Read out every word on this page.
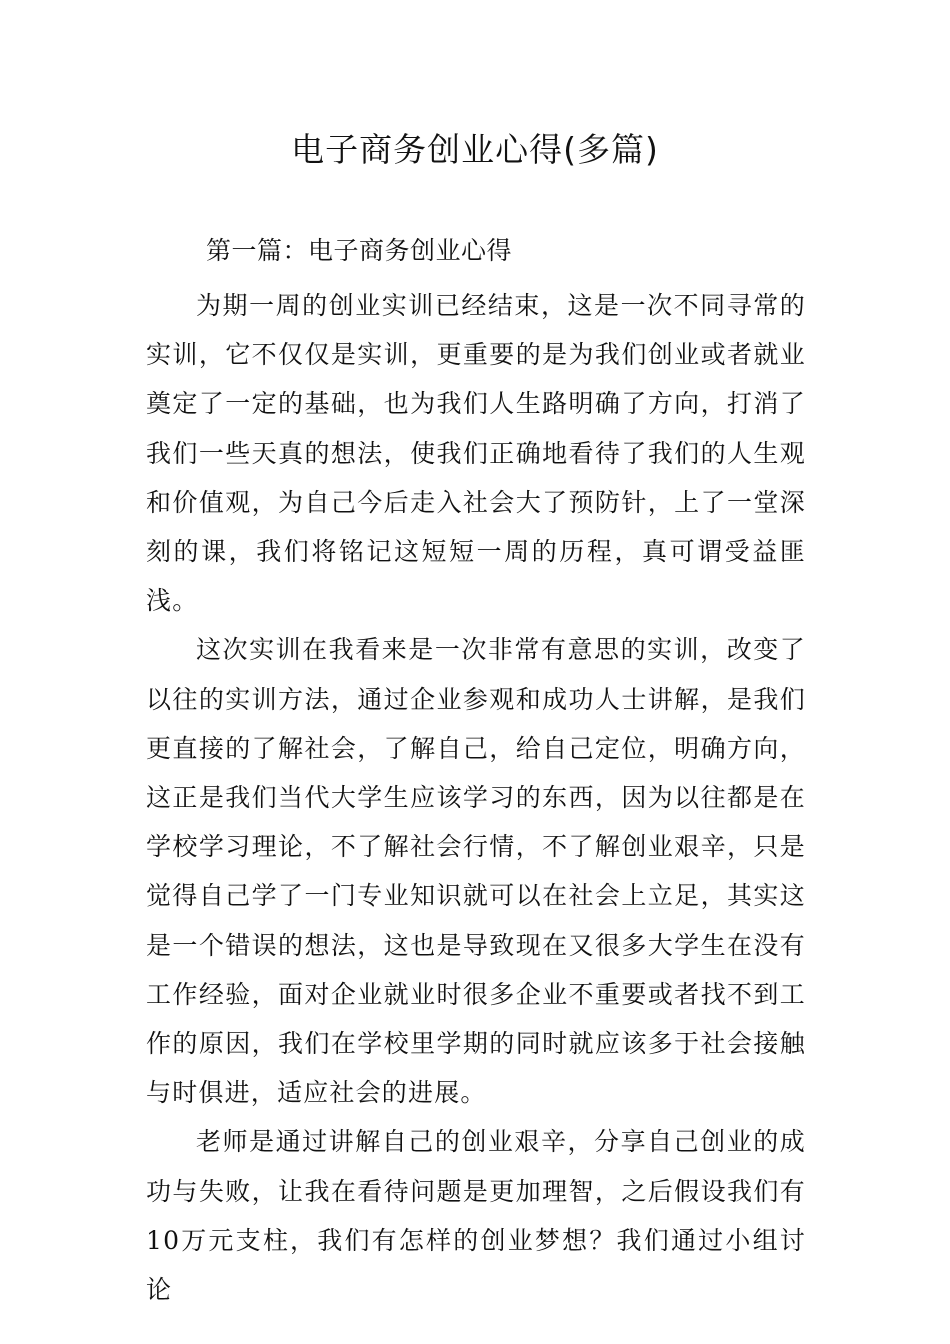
电子商务创业心得(多篇)
第一篇：电子商务创业心得

为期一周的创业实训已经结束，这是一次不同寻常的实训，它不仅仅是实训，更重要的是为我们创业或者就业奠定了一定的基础，也为我们人生路明确了方向，打消了我们一些天真的想法，使我们正确地看待了我们的人生观和价值观，为自己今后走入社会大了预防针，上了一堂深刻的课，我们将铭记这短短一周的历程，真可谓受益匪浅。

这次实训在我看来是一次非常有意思的实训，改变了以往的实训方法，通过企业参观和成功人士讲解，是我们更直接的了解社会，了解自己，给自己定位，明确方向，这正是我们当代大学生应该学习的东西，因为以往都是在学校学习理论，不了解社会行情，不了解创业艰辛，只是觉得自己学了一门专业知识就可以在社会上立足，其实这是一个错误的想法，这也是导致现在又很多大学生在没有工作经验，面对企业就业时很多企业不重要或者找不到工作的原因，我们在学校里学期的同时就应该多于社会接触与时俱进，适应社会的进展。

老师是通过讲解自己的创业艰辛，分享自己创业的成功与失败，让我在看待问题是更加理智，之后假设我们有10万元支柱，我们有怎样的创业梦想？我们通过小组讨论
